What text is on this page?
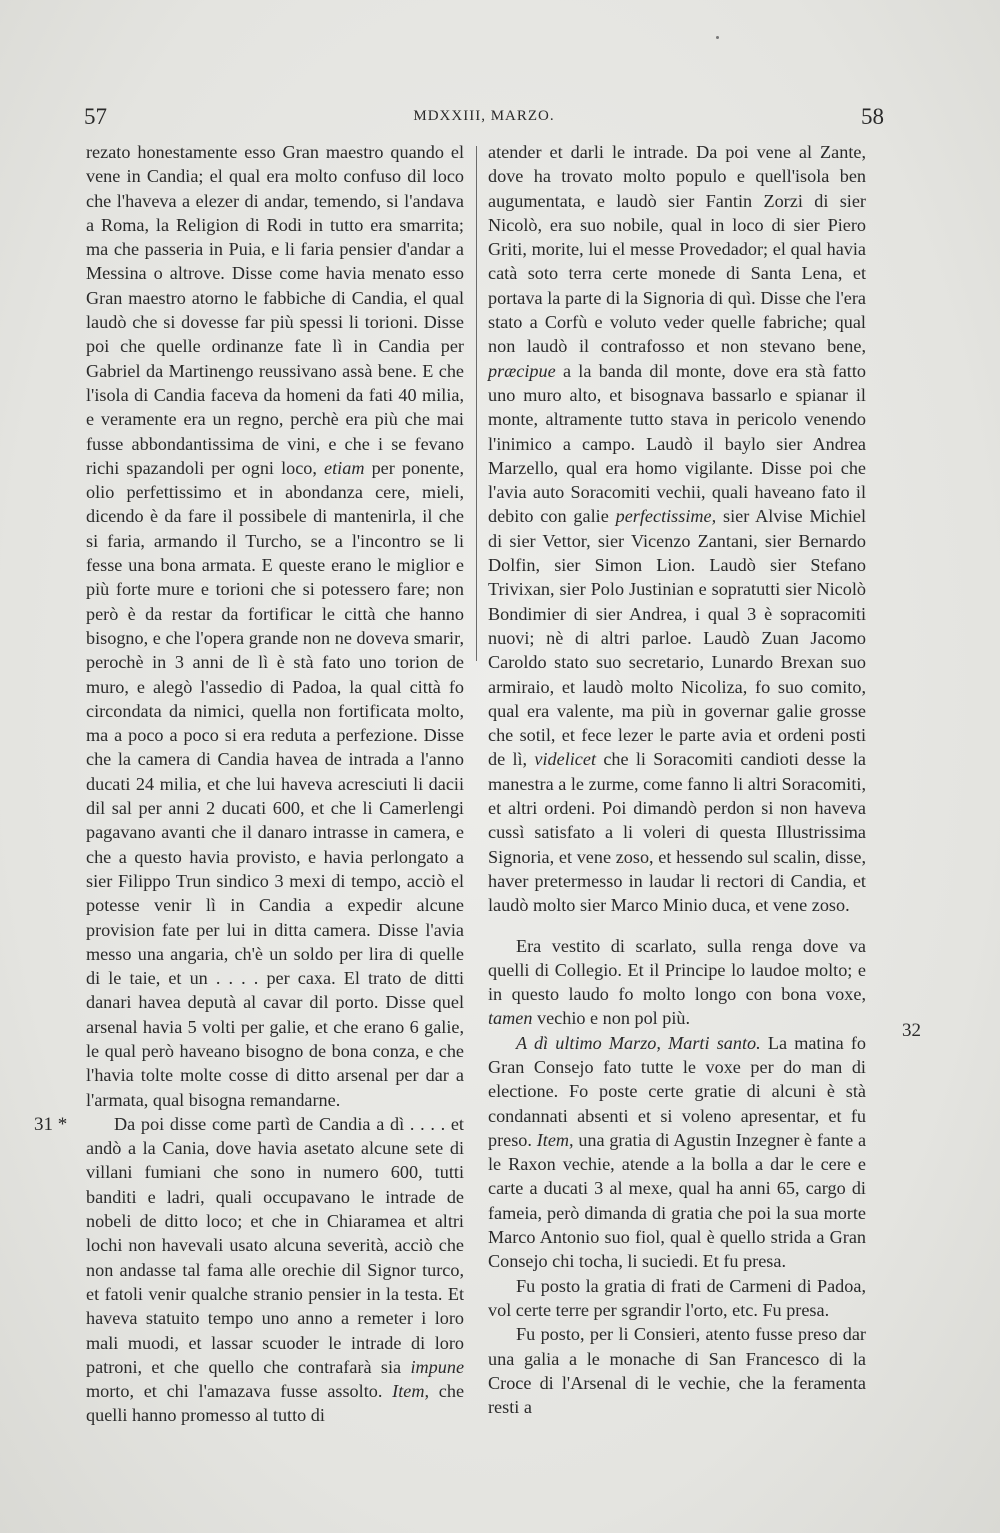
57	MDXXIII, MARZO.	58
31 *
32

rezato honestamente esso Gran maestro quando el vene in Candia; el qual era molto confuso dil loco che l'haveva a elezer di andar, temendo, si l'andava a Roma, la Religion di Rodi in tutto era smarrita; ma che passeria in Puia, e li faria pensier d'andar a Messina o altrove. Disse come havia menato esso Gran maestro atorno le fabbiche di Candia, el qual laudò che si dovesse far più spessi li torioni. Disse poi che quelle ordinanze fate lì in Candia per Gabriel da Martinengo reussivano assà bene. E che l'isola di Candia faceva da homeni da fati 40 milia, e veramente era un regno, perchè era più che mai fusse abbondantissima de vini, e che i se fevano richi spazandoli per ogni loco, etiam per ponente, olio perfettissimo et in abondanza cere, mieli, dicendo è da fare il possibele di mantenirla, il che si faria, armando il Turcho, se a l'incontro se li fesse una bona armata. E queste erano le miglior e più forte mure e torioni che si potessero fare; non però è da restar da fortificar le città che hanno bisogno, e che l'opera grande non ne doveva smarir, perochè in 3 anni de lì è stà fato uno torion de muro, e alegò l'assedio di Padoa, la qual città fo circondata da nimici, quella non fortificata molto, ma a poco a poco si era reduta a perfezione. Disse che la camera di Candia havea de intrada a l'anno ducati 24 milia, et che lui haveva acresciuti li dacii dil sal per anni 2 ducati 600, et che li Camerlengi pagavano avanti che il danaro intrasse in camera, e che a questo havia provisto, e havia perlongato a sier Filippo Trun sindico 3 mexi di tempo, acciò el potesse venir lì in Candia a expedir alcune provision fate per lui in ditta camera. Disse l'avia messo una angaria, ch'è un soldo per lira di quelle di le taie, et un . . . . per caxa. El trato de ditti danari havea deputà al cavar dil porto. Disse quel arsenal havia 5 volti per galie, et che erano 6 galie, le qual però haveano bisogno de bona conza, e che l'havia tolte molte cosse di ditto arsenal per dar a l'armata, qual bisogna remandarne.

Da poi disse come partì de Candia a dì . . . . et andò a la Cania, dove havia asetato alcune sete di villani fumiani che sono in numero 600, tutti banditi e ladri, quali occupavano le intrade de nobeli de ditto loco; et che in Chiaramea et altri lochi non havevali usato alcuna severità, acciò che non andasse tal fama alle orechie dil Signor turco, et fatoli venir qualche stranio pensier in la testa. Et haveva statuito tempo uno anno a remeter i loro mali muodi, et lassar scuoder le intrade di loro patroni, et che quello che contrafarà sia impune morto, et chi l'amazava fusse assolto. Item, che quelli hanno promesso al tutto di

atender et darli le intrade. Da poi vene al Zante, dove ha trovato molto populo e quell'isola ben augumentata, e laudò sier Fantin Zorzi di sier Nicolò, era suo nobile, qual in loco di sier Piero Griti, morite, lui el messe Provedador; el qual havia catà soto terra certe monede di Santa Lena, et portava la parte di la Signoria di quì. Disse che l'era stato a Corfù e voluto veder quelle fabriche; qual non laudò il contrafosso et non stevano bene, præcipue a la banda dil monte, dove era stà fatto uno muro alto, et bisognava bassarlo e spianar il monte, altramente tutto stava in pericolo venendo l'inimico a campo. Laudò il baylo sier Andrea Marzello, qual era homo vigilante. Disse poi che l'avia auto Soracomiti vechii, quali haveano fato il debito con galie perfectissime, sier Alvise Michiel di sier Vettor, sier Vicenzo Zantani, sier Bernardo Dolfin, sier Simon Lion. Laudò sier Stefano Trivixan, sier Polo Justinian e sopratutti sier Nicolò Bondimier di sier Andrea, i qual 3 è sopracomiti nuovi; nè di altri parloe. Laudò Zuan Jacomo Caroldo stato suo secretario, Lunardo Brexan suo armiraio, et laudò molto Nicoliza, fo suo comito, qual era valente, ma più in governar galie grosse che sotil, et fece lezer le parte avia et ordeni posti de lì, videlicet che li Soracomiti candioti desse la manestra a le zurme, come fanno li altri Soracomiti, et altri ordeni. Poi dimandò perdon si non haveva cussì satisfato a li voleri di questa Illustrissima Signoria, et vene zoso, et hessendo sul scalin, disse, haver pretermesso in laudar li rectori di Candia, et laudò molto sier Marco Minio duca, et vene zoso.

Era vestito di scarlato, sulla renga dove va quelli di Collegio. Et il Principe lo laudoe molto; e in questo laudo fo molto longo con bona voxe, tamen vechio e non pol più.

A dì ultimo Marzo, Marti santo. La matina fo Gran Consejo fato tutte le voxe per do man di electione. Fo poste certe gratie di alcuni è stà condannati absenti et si voleno apresentar, et fu preso. Item, una gratia di Agustin Inzegner è fante a le Raxon vechie, atende a la bolla a dar le cere e carte a ducati 3 al mexe, qual ha anni 65, cargo di fameia, però dimanda di gratia che poi la sua morte Marco Antonio suo fiol, qual è quello strida a Gran Consejo chi tocha, li suciedi. Et fu presa.

Fu posto la gratia di frati de Carmeni di Padoa, vol certe terre per sgrandir l'orto, etc. Fu presa.

Fu posto, per li Consieri, atento fusse preso dar una galia a le monache di San Francesco di la Croce di l'Arsenal di le vechie, che la feramenta resti a
